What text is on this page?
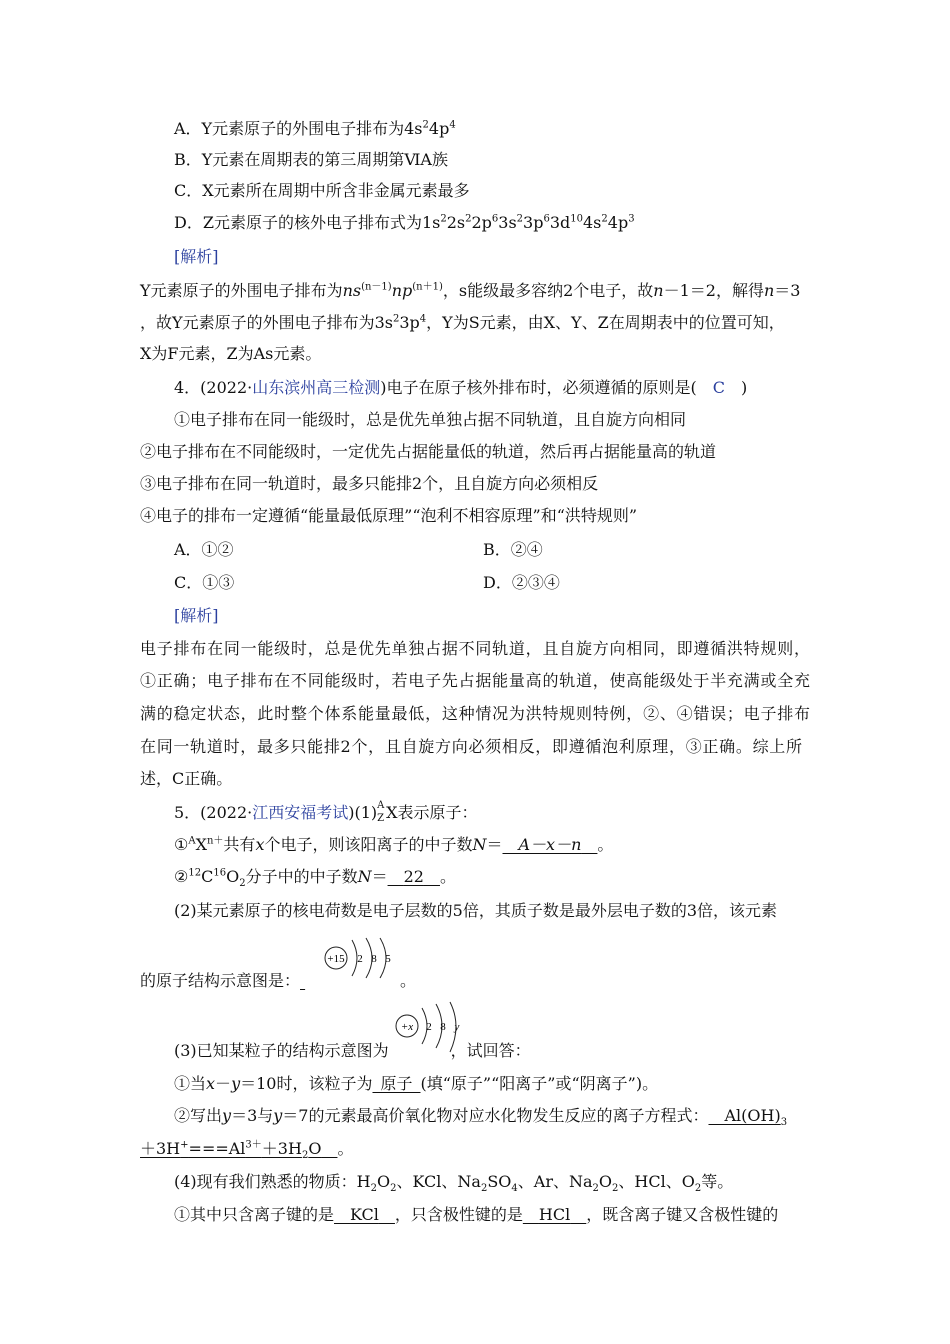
A．Y元素原子的外围电子排布为$4s^24p^4$
B．Y元素在周期表的第三周期第ⅥA族
C．X元素所在周期中所含非金属元素最多
D．Z元素原子的核外电子排布式为$1s^22s^22p^63s^23p^63d^{10}4s^24p^3$
[解析]
Y元素原子的外围电子排布为$ns^{(n-1)}np^{(n+1)}$，s能级最多容纳2个电子，故n－1＝2，解得n＝3
，故Y元素原子的外围电子排布为$3s^23p^4$，Y为S元素，由X、Y、Z在周期表中的位置可知，
X为F元素，Z为As元素。
4．(2022·山东滨州高三检测)电子在原子核外排布时，必须遵循的原则是(　C　)
①电子排布在同一能级时，总是优先单独占据不同轨道，且自旋方向相同
②电子排布在不同能级时，一定优先占据能量低的轨道，然后再占据能量高的轨道
③电子排布在同一轨道时，最多只能排2个，且自旋方向必须相反
④电子的排布一定遵循“能量最低原理”“泡利不相容原理”和“洪特规则”
A．①②	B．②④
C．①③	D．②③④
[解析]
电子排布在同一能级时，总是优先单独占据不同轨道，且自旋方向相同，即遵循洪特规则，
①正确；电子排布在不同能级时，若电子先占据能量高的轨道，使高能级处于半充满或全充
满的稳定状态，此时整个体系能量最低，这种情况为洪特规则特例，②、④错误；电子排布
在同一轨道时，最多只能排2个，且自旋方向必须相反，即遵循泡利原理，③正确。综上所
述，C正确。
5．(2022·江西安福考试)(1) A
Z X表示原子：
$①^AX^{n+}$共有x个电子，则该阳离子的中子数N＝__A－x－n__。
$②^{12}C^{16}O_2$分子中的中子数N＝__22__。
(2)某元素原子的核电荷数是电子层数的5倍，其质子数是最外层电子数的3倍，该元素
+15 2 8 5
的原子结构示意图是：	。
+x 2 8 y
(3)已知某粒子的结构示意图为	，试回答：
①当x－y＝10时，该粒子为_原子_(填“原子”“阳离子”或“阴离子”)。
②写出y＝3与y＝7的元素最高价氧化物对应水化物发生反应的离子方程式：$\_\_Al(OH)_3$
$+3H^+===Al^{3+}+3H_2O\_\_$。
(4)现有我们熟悉的物质：$H_2O_2$、KCl、$Na_2SO_4$、Ar、$Na_2O_2$、HCl、$O_2$等。
①其中只含离子键的是__KCl__，只含极性键的是__HCl__，既含离子键又含极性键的
